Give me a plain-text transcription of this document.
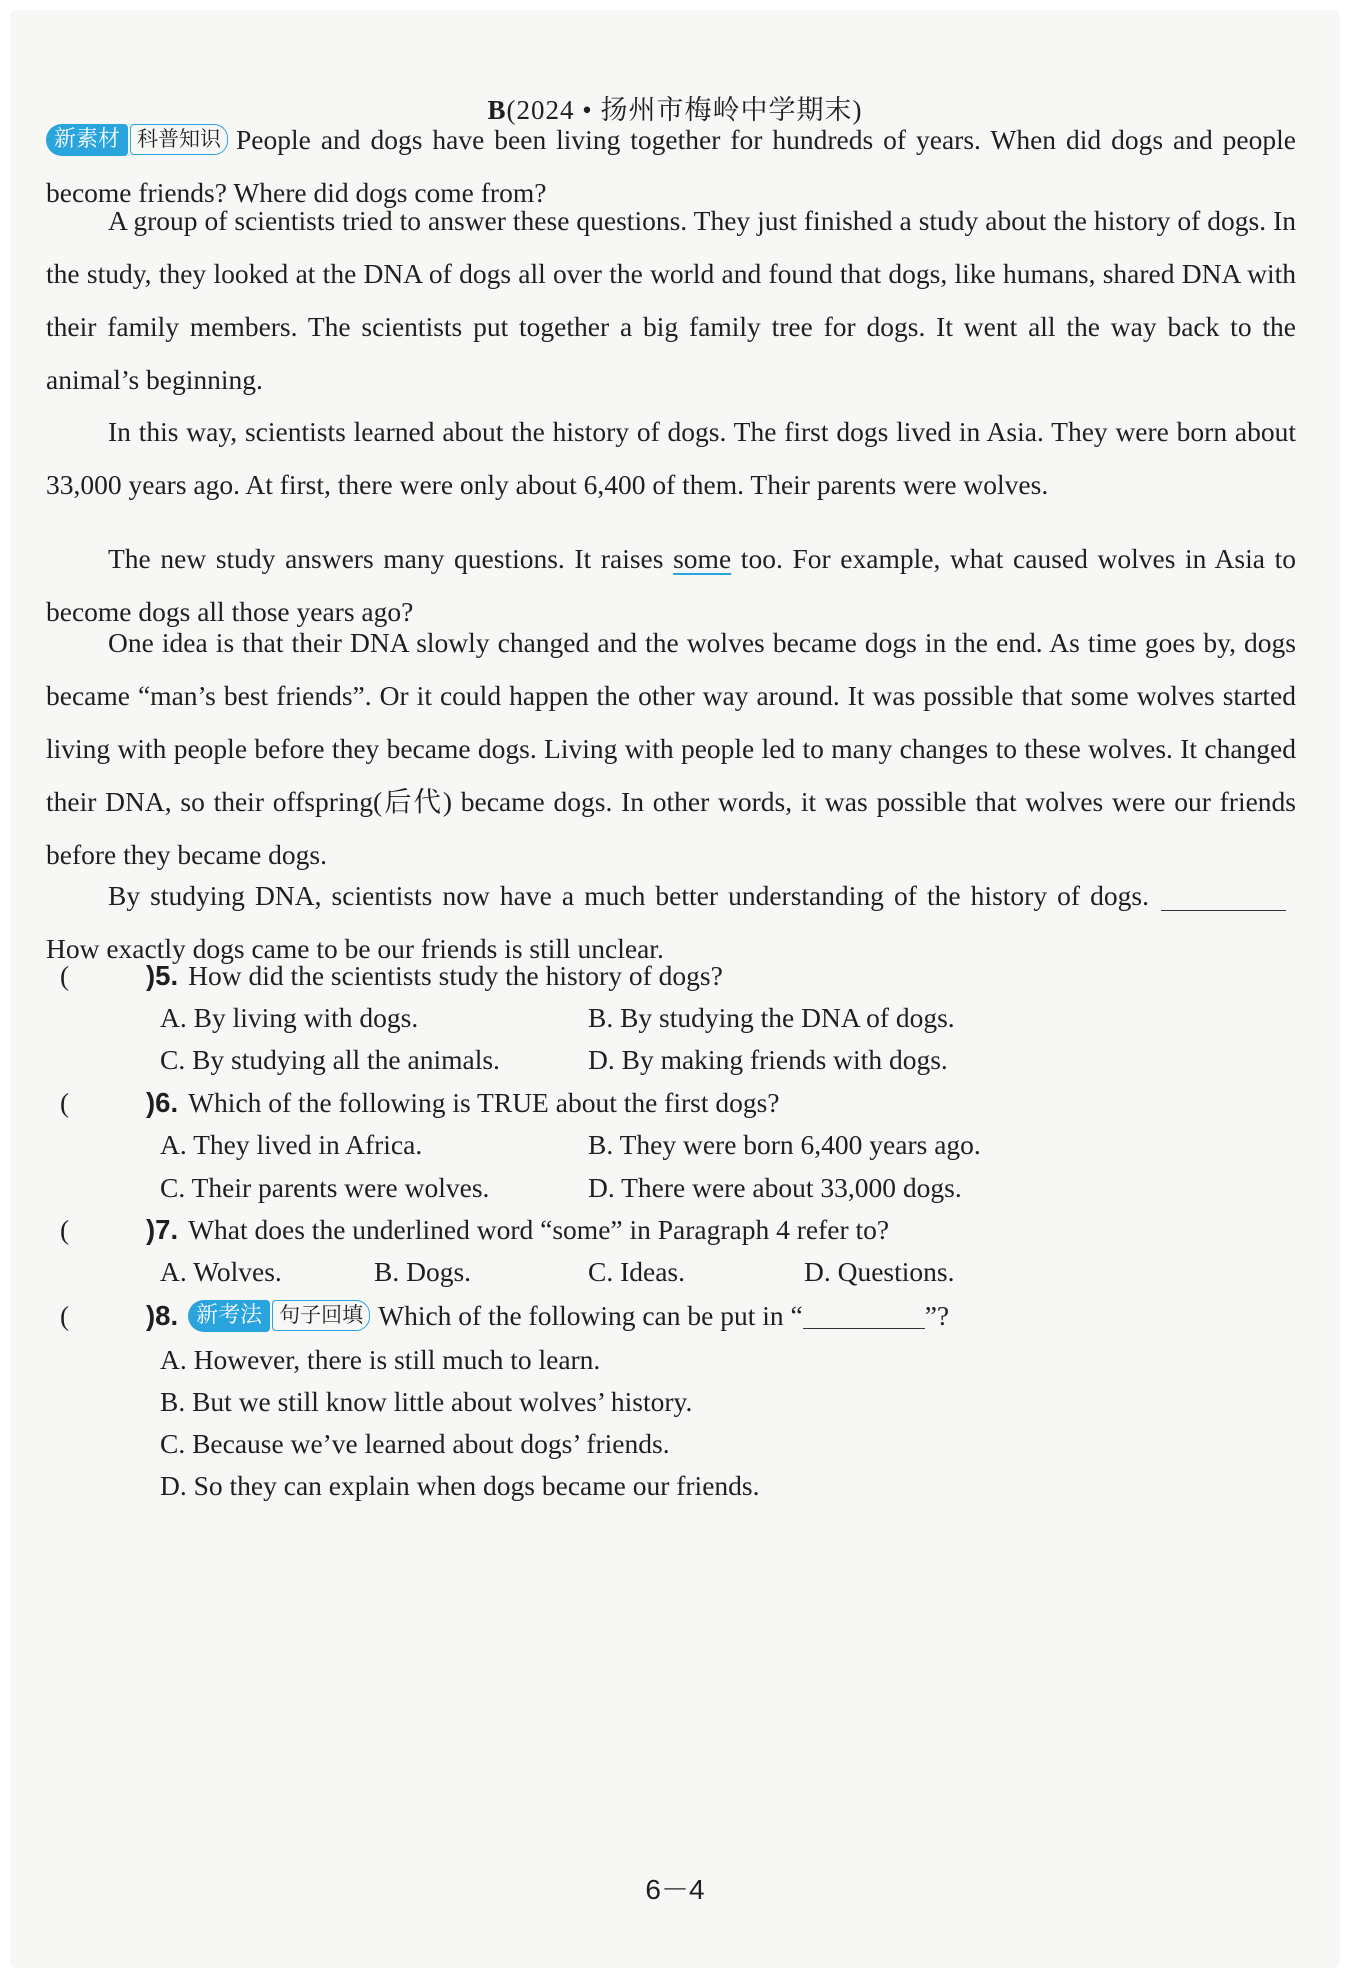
B(2024 • 扬州市梅岭中学期末)

新素材 科普知识 People and dogs have been living together for hundreds of years. When did dogs and people become friends? Where did dogs come from?

A group of scientists tried to answer these questions. They just finished a study about the history of dogs. In the study, they looked at the DNA of dogs all over the world and found that dogs, like humans, shared DNA with their family members. The scientists put together a big family tree for dogs. It went all the way back to the animal’s beginning.

In this way, scientists learned about the history of dogs. The first dogs lived in Asia. They were born about 33,000 years ago. At first, there were only about 6,400 of them. Their parents were wolves.

The new study answers many questions. It raises some too. For example, what caused wolves in Asia to become dogs all those years ago?

One idea is that their DNA slowly changed and the wolves became dogs in the end. As time goes by, dogs became “man’s best friends”. Or it could happen the other way around. It was possible that some wolves started living with people before they became dogs. Living with people led to many changes to these wolves. It changed their DNA, so their offspring(后代) became dogs. In other words, it was possible that wolves were our friends before they became dogs.

By studying DNA, scientists now have a much better understanding of the history of dogs.How exactly dogs came to be our friends is still unclear.

(	)5. How did the scientists study the history of dogs?
A. By living with dogs.	B. By studying the DNA of dogs.
C. By studying all the animals.	D. By making friends with dogs.
(	)6. Which of the following is TRUE about the first dogs?
A. They lived in Africa.	B. They were born 6,400 years ago.
C. Their parents were wolves.	D. There were about 33,000 dogs.
(	)7. What does the underlined word “some” in Paragraph 4 refer to?
A. Wolves.	B. Dogs.	C. Ideas.	D. Questions.
(	)8. 新考法 句子回填 Which of the following can be put in “	”?
A. However, there is still much to learn.
B. But we still know little about wolves’ history.
C. Because we’ve learned about dogs’ friends.
D. So they can explain when dogs became our friends.
6－4
